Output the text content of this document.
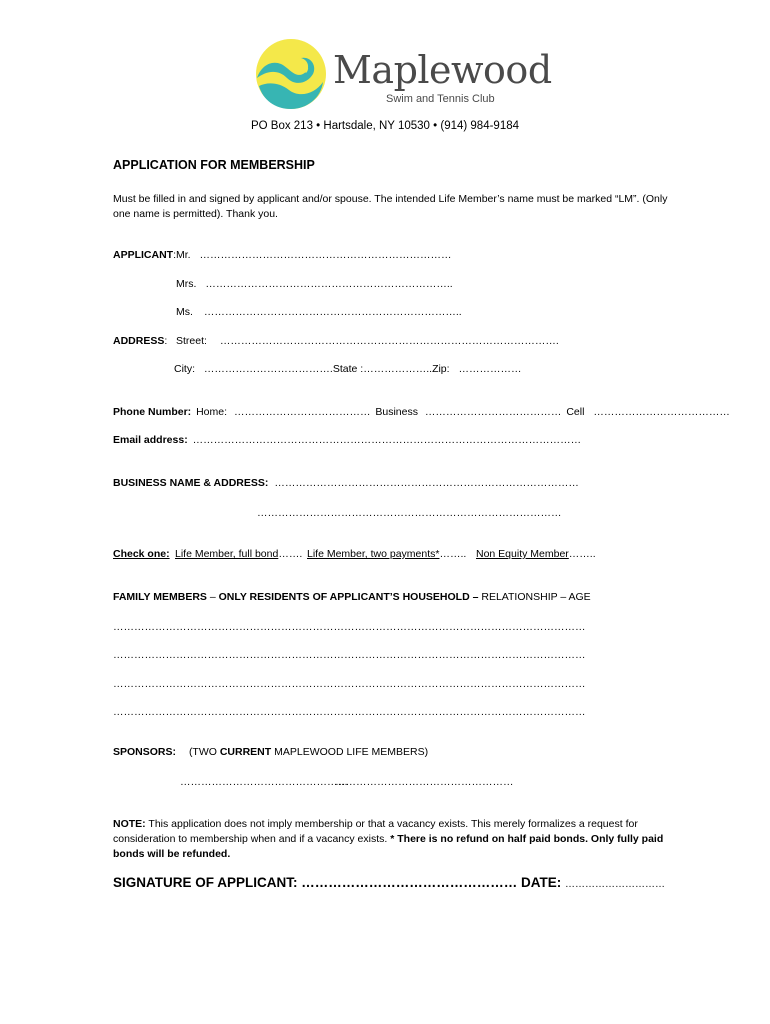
Maplewood
Swim and Tennis Club
PO Box 213 • Hartsdale, NY 10530 • (914) 984-9184
APPLICATION FOR MEMBERSHIP
Must be filled in and signed by applicant and/or spouse. The intended Life Member’s name must be marked “LM”. (Only one name is permitted). Thank you.
APPLICANT: Mr. ………………………………………………………………
Mrs. ……………………………………………………………..
Ms. ………………………………………………………………..
ADDRESS: Street: …………………………………………………………………………………….
City: ……………………………….State :………………..Zip: ………………
Phone Number: Home: ………………………………… Business ………………………………… Cell …………………………………
Email address: …………………………………………………………………………………………………
BUSINESS NAME & ADDRESS: ……………………………………………………………………………
……………………………………………………………………………
Check one: Life Member, full bond……. Life Member, two payments*…….. Non Equity Member……..
FAMILY MEMBERS – ONLY RESIDENTS OF APPLICANT’S HOUSEHOLD – RELATIONSHIP – AGE
………………………………………………………………………………………………………………………
………………………………………………………………………………………………………………………
………………………………………………………………………………………………………………………
………………………………………………………………………………………………………………………
SPONSORS: (TWO CURRENT MAPLEWOOD LIFE MEMBERS)
…………………………………………
……………………………………………
NOTE: This application does not imply membership or that a vacancy exists. This merely formalizes a request for consideration to membership when and if a vacancy exists. * There is no refund on half paid bonds. Only fully paid bonds will be refunded.
SIGNATURE OF APPLICANT: ………………………………………… DATE: …………………………
